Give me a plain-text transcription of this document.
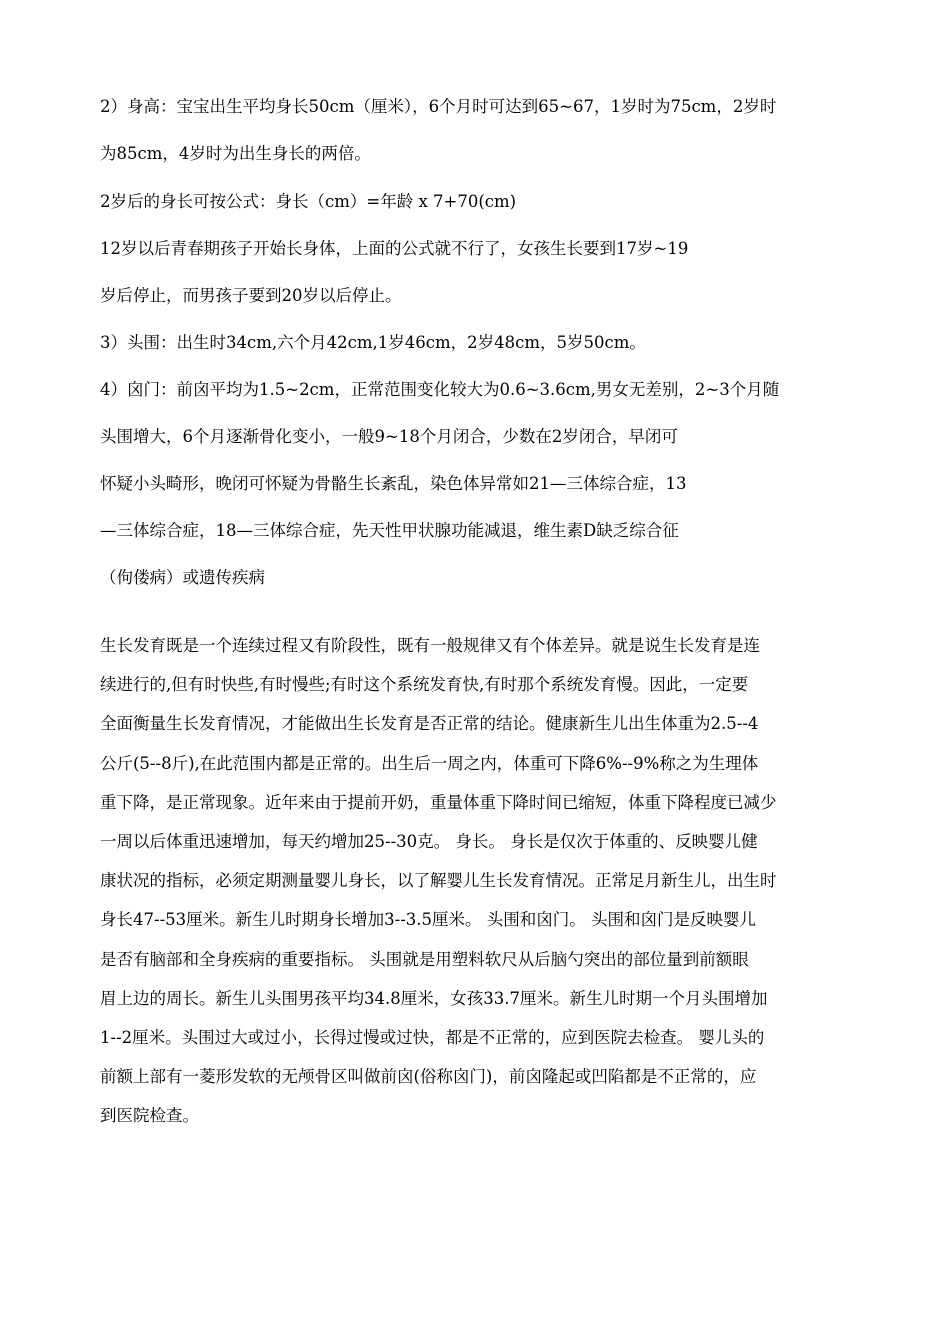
2）身高：宝宝出生平均身长50cm（厘米），6个月时可达到65~67，1岁时为75cm，2岁时
为85cm，4岁时为出生身长的两倍。
2岁后的身长可按公式：身长（cm）=年龄 x 7+70(cm)
12岁以后青春期孩子开始长身体，上面的公式就不行了，女孩生长要到17岁~19
岁后停止，而男孩子要到20岁以后停止。
3）头围：出生时34cm,六个月42cm,1岁46cm，2岁48cm，5岁50cm。
4）囟门：前囟平均为1.5~2cm，正常范围变化较大为0.6~3.6cm,男女无差别，2~3个月随
头围增大，6个月逐渐骨化变小，一般9~18个月闭合，少数在2岁闭合，早闭可
怀疑小头畸形，晚闭可怀疑为骨骼生长紊乱，染色体异常如21—三体综合症，13
—三体综合症，18—三体综合症，先天性甲状腺功能减退，维生素D缺乏综合征
（佝偻病）或遗传疾病
生长发育既是一个连续过程又有阶段性，既有一般规律又有个体差异。就是说生长发育是连
续进行的,但有时快些,有时慢些;有时这个系统发育快,有时那个系统发育慢。因此，一定要
全面衡量生长发育情况，才能做出生长发育是否正常的结论。健康新生儿出生体重为2.5--4
公斤(5--8斤),在此范围内都是正常的。出生后一周之内，体重可下降6%--9%称之为生理体
重下降，是正常现象。近年来由于提前开奶，重量体重下降时间已缩短，体重下降程度已减少
一周以后体重迅速增加，每天约增加25--30克。 身长。 身长是仅次于体重的、反映婴儿健
康状况的指标，必须定期测量婴儿身长，以了解婴儿生长发育情况。正常足月新生儿，出生时
身长47--53厘米。新生儿时期身长增加3--3.5厘米。 头围和囟门。 头围和囟门是反映婴儿
是否有脑部和全身疾病的重要指标。 头围就是用塑料软尺从后脑勺突出的部位量到前额眼
眉上边的周长。新生儿头围男孩平均34.8厘米，女孩33.7厘米。新生儿时期一个月头围增加
1--2厘米。头围过大或过小，长得过慢或过快，都是不正常的，应到医院去检查。 婴儿头的
前额上部有一菱形发软的无颅骨区叫做前囟(俗称囟门)，前囟隆起或凹陷都是不正常的，应
到医院检查。
